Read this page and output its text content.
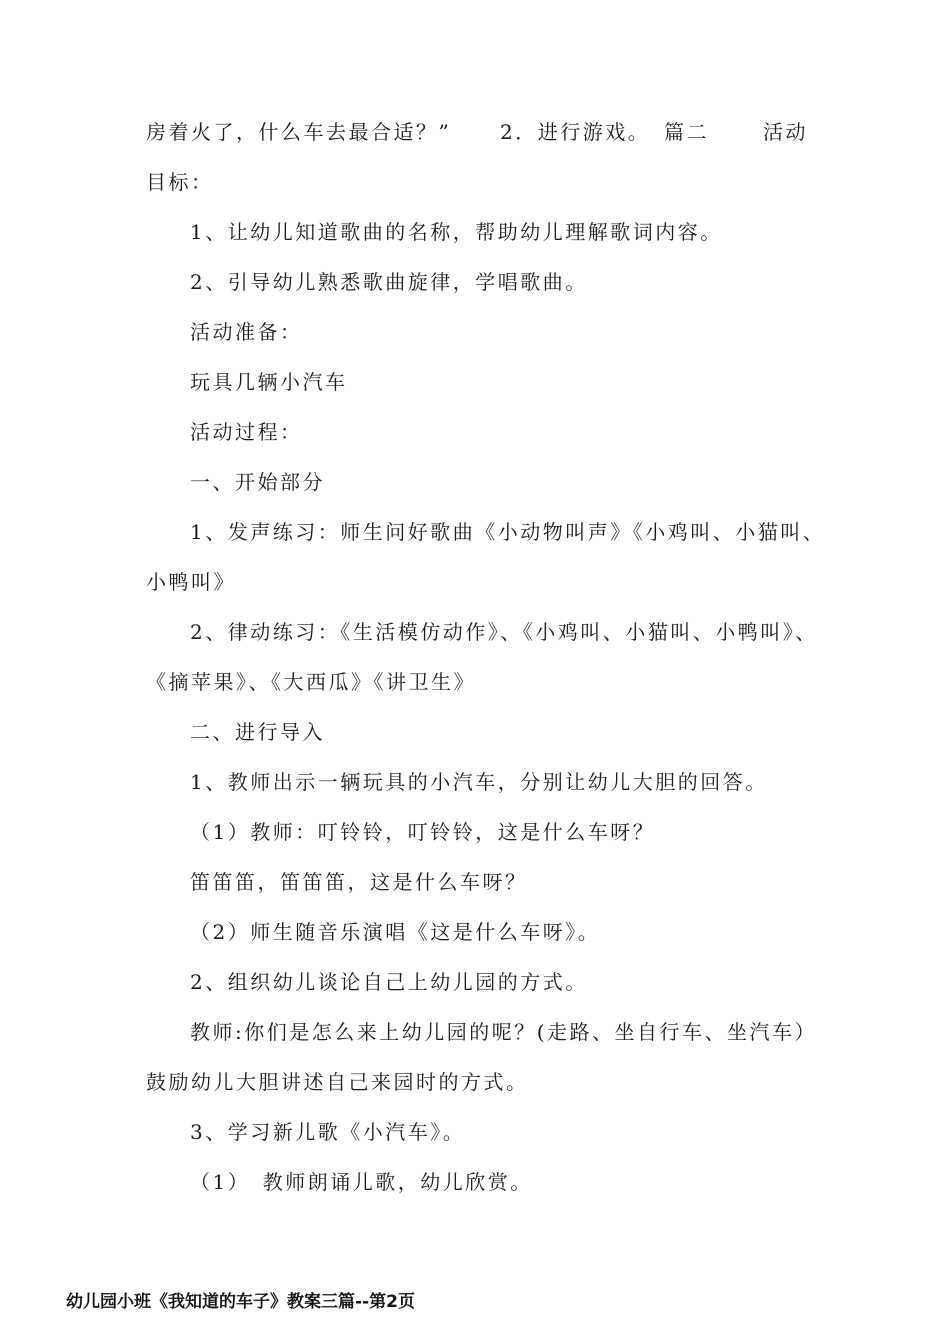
房着火了，什么车去最合适？” 2．进行游戏。 篇二	活动
目标：
1、让幼儿知道歌曲的名称，帮助幼儿理解歌词内容。
2、引导幼儿熟悉歌曲旋律，学唱歌曲。
活动准备：
玩具几辆小汽车
活动过程：
一、开始部分
1、发声练习：师生问好歌曲《小动物叫声》《小鸡叫、小猫叫、
小鸭叫》
2、律动练习：《生活模仿动作》、《小鸡叫、小猫叫、小鸭叫》、
《摘苹果》、《大西瓜》《讲卫生》
二、进行导入
1、教师出示一辆玩具的小汽车，分别让幼儿大胆的回答。
（1）教师：叮铃铃，叮铃铃，这是什么车呀？
笛笛笛，笛笛笛，这是什么车呀？
（2）师生随音乐演唱《这是什么车呀》。
2、组织幼儿谈论自己上幼儿园的方式。
教师:你们是怎么来上幼儿园的呢？(走路、坐自行车、坐汽车）
鼓励幼儿大胆讲述自己来园时的方式。
3、学习新儿歌《小汽车》。
（1）　教师朗诵儿歌，幼儿欣赏。
幼儿园小班《我知道的车子》教案三篇--第2页
